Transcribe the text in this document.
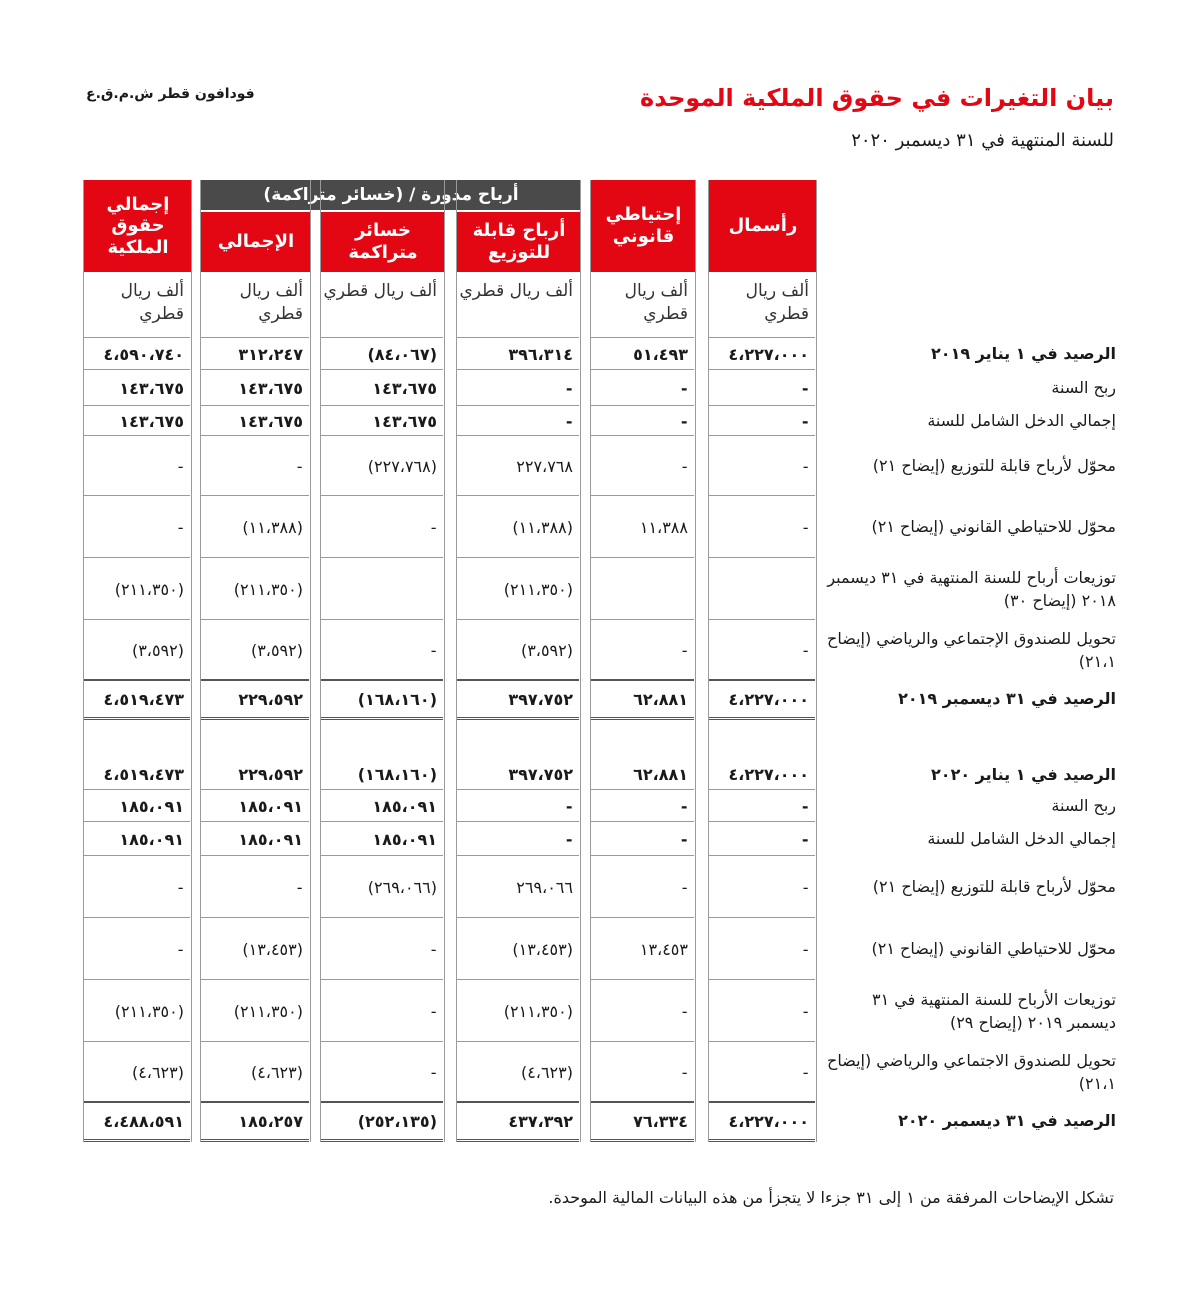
بيان التغيرات في حقوق الملكية الموحدة

للسنة المنتهية في ٣١ ديسمبر ٢٠٢٠

فودافون قطر ش.م.ق.ع
رأسمال
إحتياطي قانوني
أرباح قابلة للتوزيع
خسائر متراكمة
الإجمالي
إجمالي حقوق الملكية
أرباح مدورة / (خسائر متراكمة)
ألف ريال قطري
ألف ريال قطري
ألف ريال قطري
ألف ريال قطري
ألف ريال قطري
ألف ريال قطري
الرصيد في ١ يناير ٢٠١٩
٤،٢٢٧،٠٠٠
٥١،٤٩٣
٣٩٦،٣١٤
(٨٤،٠٦٧)
٣١٢،٢٤٧
٤،٥٩٠،٧٤٠
ربح السنة
-
-
-
١٤٣،٦٧٥
١٤٣،٦٧٥
١٤٣،٦٧٥
إجمالي الدخل الشامل للسنة
-
-
-
١٤٣،٦٧٥
١٤٣،٦٧٥
١٤٣،٦٧٥
محوّل لأرباح قابلة للتوزيع (إيضاح ٢١)
-
-
٢٢٧،٧٦٨
(٢٢٧،٧٦٨)
-
-
محوّل للاحتياطي القانوني (إيضاح ٢١)
-
١١،٣٨٨
(١١،٣٨٨)
-
(١١،٣٨٨)
-
توزيعات أرباح للسنة المنتهية في ٣١ ديسمبر ٢٠١٨ (إيضاح ٣٠)
(٢١١،٣٥٠)
(٢١١،٣٥٠)
(٢١١،٣٥٠)
تحويل للصندوق الإجتماعي والرياضي (إيضاح ٢١،١)
-
-
(٣،٥٩٢)
-
(٣،٥٩٢)
(٣،٥٩٢)
الرصيد في ٣١ ديسمبر ٢٠١٩
٤،٢٢٧،٠٠٠
٦٢،٨٨١
٣٩٧،٧٥٢
(١٦٨،١٦٠)
٢٢٩،٥٩٢
٤،٥١٩،٤٧٣
الرصيد في ١ يناير ٢٠٢٠
٤،٢٢٧،٠٠٠
٦٢،٨٨١
٣٩٧،٧٥٢
(١٦٨،١٦٠)
٢٢٩،٥٩٢
٤،٥١٩،٤٧٣
ربح السنة
-
-
-
١٨٥،٠٩١
١٨٥،٠٩١
١٨٥،٠٩١
إجمالي الدخل الشامل للسنة
-
-
-
١٨٥،٠٩١
١٨٥،٠٩١
١٨٥،٠٩١
محوّل لأرباح قابلة للتوزيع (إيضاح ٢١)
-
-
٢٦٩،٠٦٦
(٢٦٩،٠٦٦)
-
-
محوّل للاحتياطي القانوني (إيضاح ٢١)
-
١٣،٤٥٣
(١٣،٤٥٣)
-
(١٣،٤٥٣)
-
توزيعات الأرباح للسنة المنتهية في ٣١ ديسمبر ٢٠١٩ (إيضاح ٢٩)
-
-
(٢١١،٣٥٠)
-
(٢١١،٣٥٠)
(٢١١،٣٥٠)
تحويل للصندوق الاجتماعي والرياضي (إيضاح ٢١،١)
-
-
(٤،٦٢٣)
-
(٤،٦٢٣)
(٤،٦٢٣)
الرصيد في ٣١ ديسمبر ٢٠٢٠
٤،٢٢٧،٠٠٠
٧٦،٣٣٤
٤٣٧،٣٩٢
(٢٥٢،١٣٥)
١٨٥،٢٥٧
٤،٤٨٨،٥٩١

تشكل الإيضاحات المرفقة من ١ إلى ٣١ جزءا لا يتجزأ من هذه البيانات المالية الموحدة.
